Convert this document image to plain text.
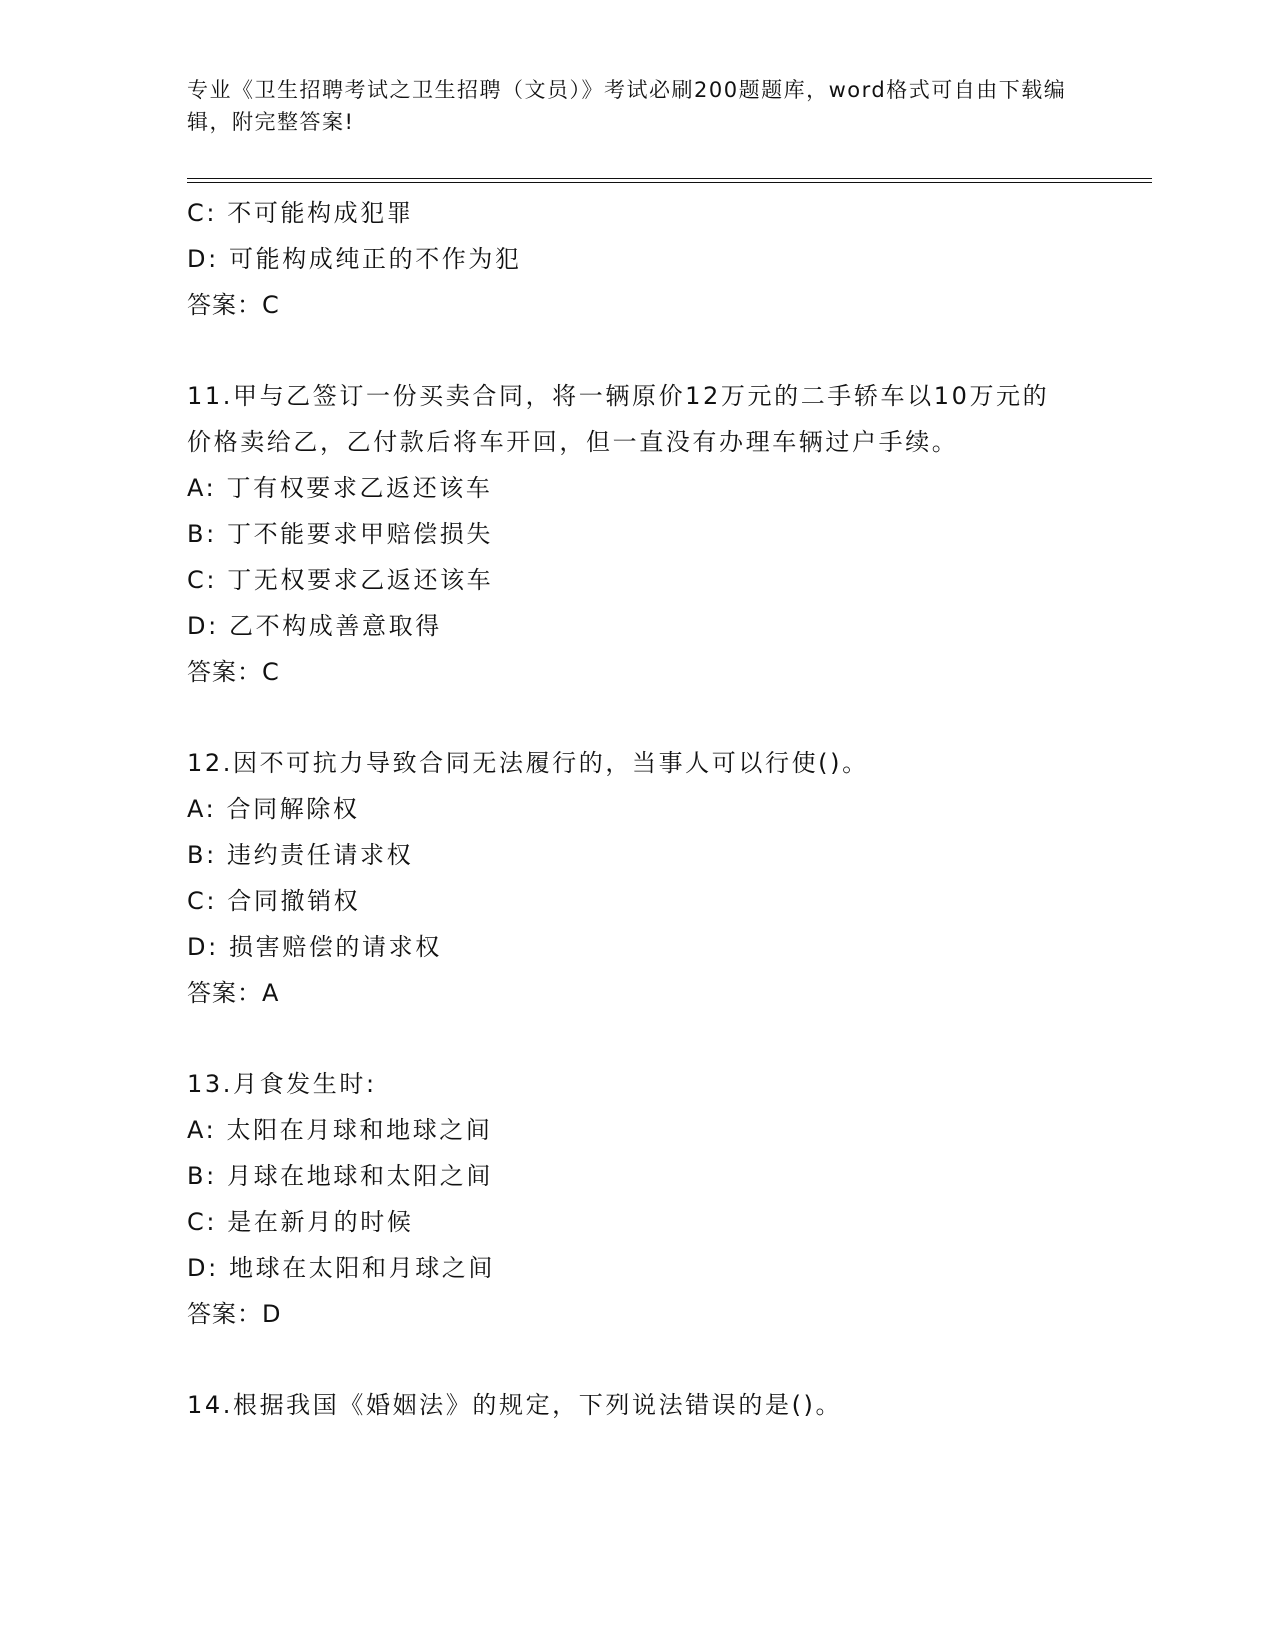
专业《卫生招聘考试之卫生招聘（文员）》考试必刷200题题库，word格式可自由下载编辑，附完整答案!
C: 不可能构成犯罪
D: 可能构成纯正的不作为犯
答案：C
11.甲与乙签订一份买卖合同，将一辆原价12万元的二手轿车以10万元的价格卖给乙，乙付款后将车开回，但一直没有办理车辆过户手续。
A: 丁有权要求乙返还该车
B: 丁不能要求甲赔偿损失
C: 丁无权要求乙返还该车
D: 乙不构成善意取得
答案：C
12.因不可抗力导致合同无法履行的，当事人可以行使()。
A: 合同解除权
B: 违约责任请求权
C: 合同撤销权
D: 损害赔偿的请求权
答案：A
13.月食发生时:
A: 太阳在月球和地球之间
B: 月球在地球和太阳之间
C: 是在新月的时候
D: 地球在太阳和月球之间
答案：D
14.根据我国《婚姻法》的规定，下列说法错误的是()。
